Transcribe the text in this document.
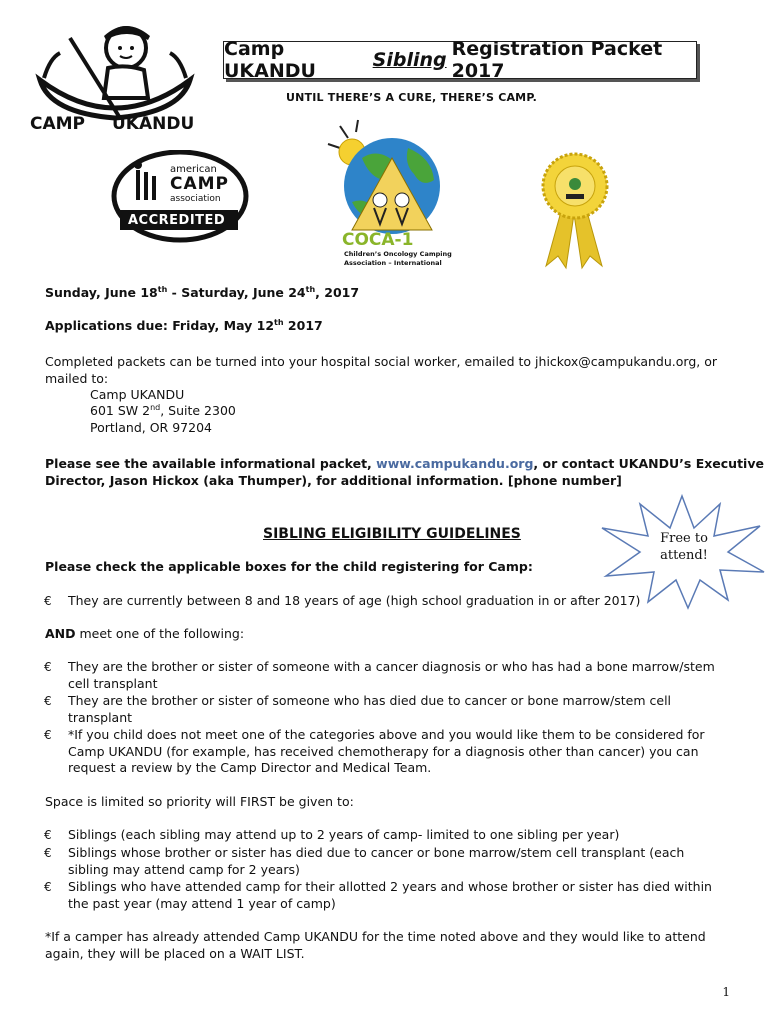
CAMP UKANDU
Camp UKANDU	Sibling Registration Packet 2017
UNTIL THERE’S A CURE, THERE’S CAMP.
american
CAMP
association
ACCREDITED
COCA-1
Children’s Oncology Camping
Association – International
Sunday, June 18th - Saturday, June 24th, 2017
Applications due: Friday, May 12th 2017
Completed packets can be turned into your hospital social worker, emailed to jhickox@campukandu.org, or
mailed to:
Camp UKANDU
601 SW 2nd, Suite 2300
Portland, OR 97204
Please see the available informational packet, www.campukandu.org, or contact UKANDU’s Executive
Director, Jason Hickox (aka Thumper), for additional information. [phone number]
Free to
attend!
SIBLING ELIGIBILITY GUIDELINES
Please check the applicable boxes for the child registering for Camp:
€ They are currently between 8 and 18 years of age (high school graduation in or after 2017)
AND meet one of the following:
€ They are the brother or sister of someone with a cancer diagnosis or who has had a bone marrow/stem cell transplant
€ They are the brother or sister of someone who has died due to cancer or bone marrow/stem cell transplant
€ *If you child does not meet one of the categories above and you would like them to be considered for Camp UKANDU (for example, has received chemotherapy for a diagnosis other than cancer) you can request a review by the Camp Director and Medical Team.
Space is limited so priority will FIRST be given to:
€ Siblings (each sibling may attend up to 2 years of camp- limited to one sibling per year)
€ Siblings whose brother or sister has died due to cancer or bone marrow/stem cell transplant (each sibling may attend camp for 2 years)
€ Siblings who have attended camp for their allotted 2 years and whose brother or sister has died within the past year (may attend 1 year of camp)
*If a camper has already attended Camp UKANDU for the time noted above and they would like to attend again, they will be placed on a WAIT LIST.
1
